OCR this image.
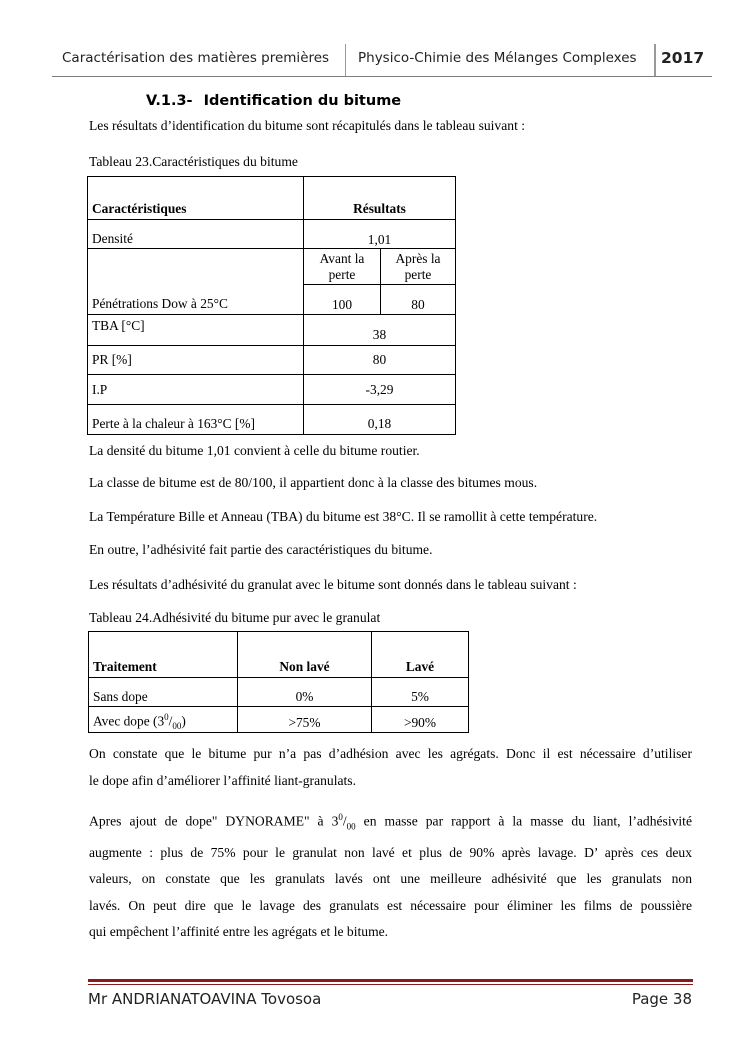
Caractérisation des matières premières Physico-Chimie des Mélanges Complexes 2017
V.1.3- Identification du bitume
Les résultats d’identification du bitume sont récapitulés dans le tableau suivant :
Tableau 23.Caractéristiques du bitume
Caractéristiques	Résultats	
Densité	1,01	
Pénétrations Dow à 25°C	Avant la perte	Après la perte
	100	80
TBA [°C]	38	
PR [%]	80	
I.P	-3,29	
Perte à la chaleur à 163°C [%]	0,18	
La densité du bitume 1,01 convient à celle du bitume routier.
La classe de bitume est de 80/100, il appartient donc à la classe des bitumes mous.
La Température Bille et Anneau (TBA) du bitume est 38°C. Il se ramollit à cette température.
En outre, l’adhésivité fait partie des caractéristiques du bitume.
Les résultats d’adhésivité du granulat avec le bitume sont donnés dans le tableau suivant :
Tableau 24.Adhésivité du bitume pur avec le granulat
Traitement	Non lavé	Lavé
Sans dope	0%	5%
Avec dope $(3^0/_{00})$	>75%	>90%
On constate que le bitume pur n’a pas d’adhésion avec les agrégats. Donc il est nécessaire d’utiliser
le dope afin d’améliorer l’affinité liant-granulats.
Apres ajout de dope" DYNORAME" à $3^0/_{00}$ en masse par rapport à la masse du liant, l’adhésivité
augmente : plus de 75% pour le granulat non lavé et plus de 90% après lavage. D’ après ces deux
valeurs, on constate que les granulats lavés ont une meilleure adhésivité que les granulats non
lavés. On peut dire que le lavage des granulats est nécessaire pour éliminer les films de poussière
qui empêchent l’affinité entre les agrégats et le bitume.
Mr ANDRIANATOAVINA Tovosoa	Page 38
